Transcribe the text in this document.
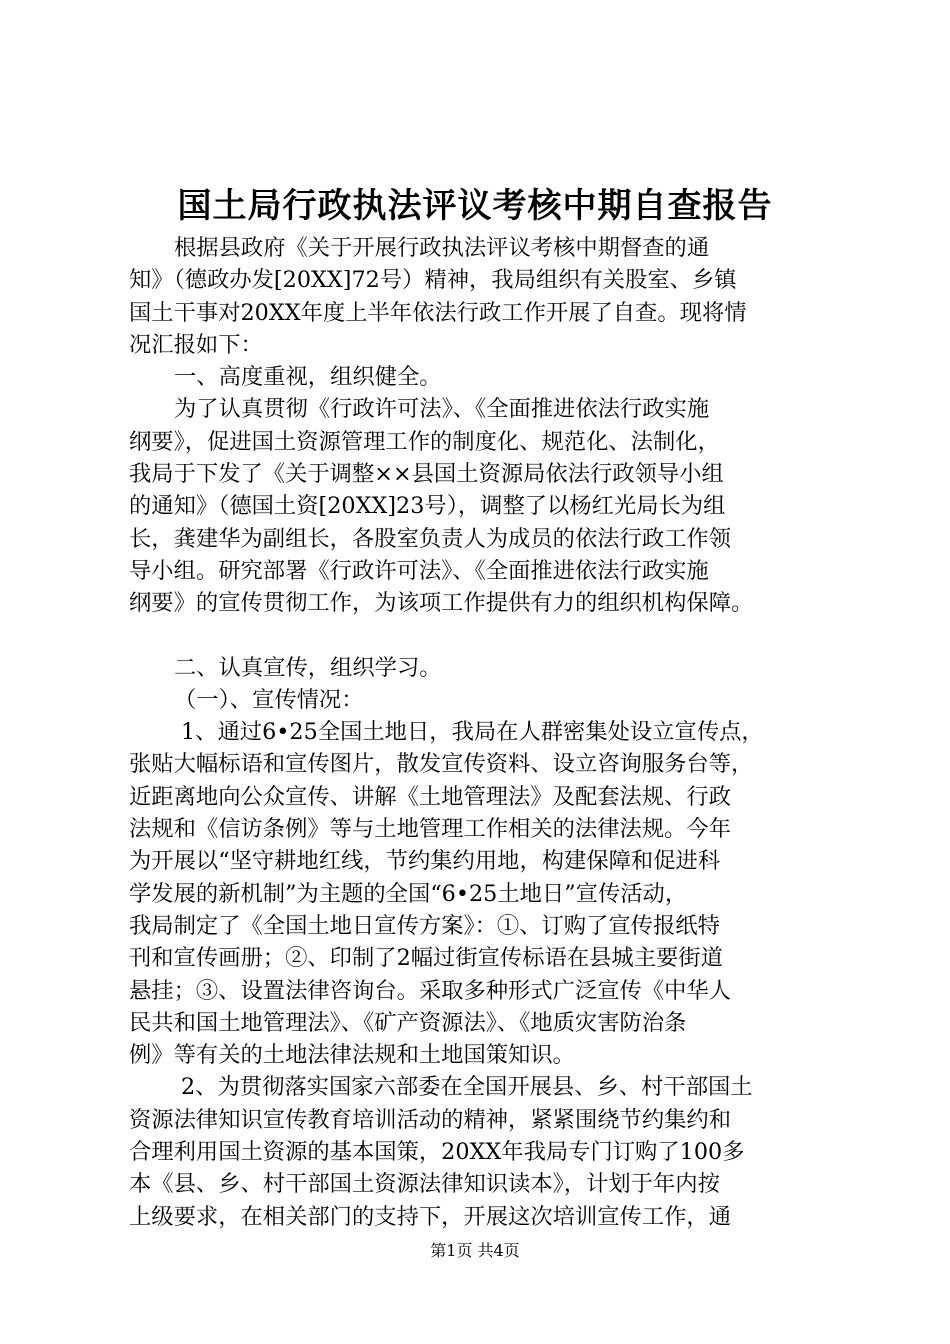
国土局行政执法评议考核中期自查报告

根据县政府《关于开展行政执法评议考核中期督查的通

知》（德政办发[20XX]72号）精神，我局组织有关股室、乡镇

国土干事对20XX年度上半年依法行政工作开展了自查。现将情

况汇报如下：

一、高度重视，组织健全。

为了认真贯彻《行政许可法》、《全面推进依法行政实施

纲要》，促进国土资源管理工作的制度化、规范化、法制化，

我局于下发了《关于调整××县国土资源局依法行政领导小组

的通知》（德国土资[20XX]23号），调整了以杨红光局长为组

长，龚建华为副组长，各股室负责人为成员的依法行政工作领

导小组。研究部署《行政许可法》、《全面推进依法行政实施

纲要》的宣传贯彻工作，为该项工作提供有力的组织机构保障。

二、认真宣传，组织学习。

（一）、宣传情况：

1、通过6•25全国土地日，我局在人群密集处设立宣传点，

张贴大幅标语和宣传图片，散发宣传资料、设立咨询服务台等，

近距离地向公众宣传、讲解《土地管理法》及配套法规、行政

法规和《信访条例》等与土地管理工作相关的法律法规。今年

为开展以“坚守耕地红线，节约集约用地，构建保障和促进科

学发展的新机制”为主题的全国“6•25土地日”宣传活动，

我局制定了《全国土地日宣传方案》：①、订购了宣传报纸特

刊和宣传画册；②、印制了2幅过街宣传标语在县城主要街道

悬挂；③、设置法律咨询台。采取多种形式广泛宣传《中华人

民共和国土地管理法》、《矿产资源法》、《地质灾害防治条

例》等有关的土地法律法规和土地国策知识。

2、为贯彻落实国家六部委在全国开展县、乡、村干部国土

资源法律知识宣传教育培训活动的精神，紧紧围绕节约集约和

合理利用国土资源的基本国策，20XX年我局专门订购了100多

本《县、乡、村干部国土资源法律知识读本》，计划于年内按

上级要求，在相关部门的支持下，开展这次培训宣传工作，通

第1页 共4页
